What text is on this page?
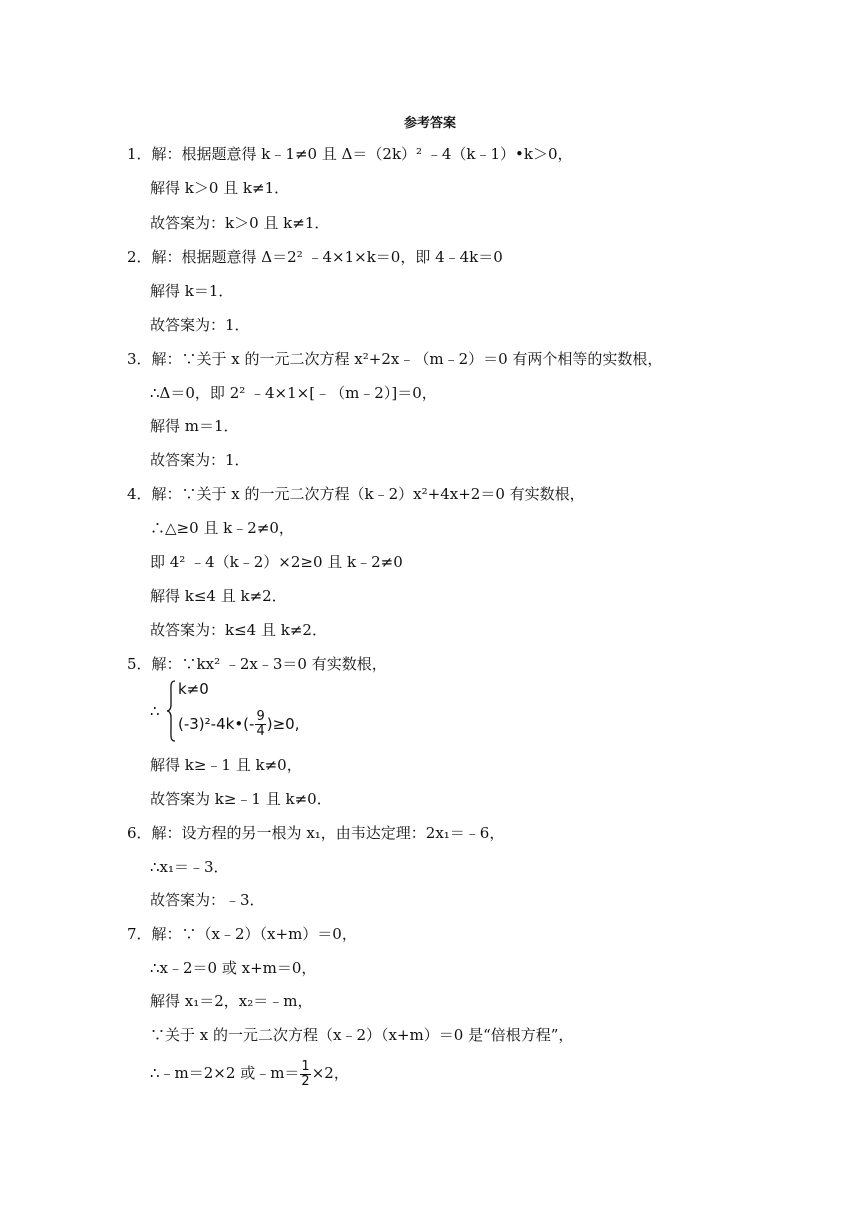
参考答案
1．解：根据题意得 k﹣1≠0 且 Δ＝（2k）² ﹣4（k﹣1）•k＞0，
解得 k＞0 且 k≠1．
故答案为：k＞0 且 k≠1．
2．解：根据题意得 Δ＝2² ﹣4×1×k＝0，即 4﹣4k＝0
解得 k＝1．
故答案为：1．
3．解：∵关于 x 的一元二次方程 x²+2x﹣（m﹣2）＝0 有两个相等的实数根，
∴Δ＝0，即 2² ﹣4×1×[﹣（m﹣2）]＝0，
解得 m＝1．
故答案为：1．
4．解：∵关于 x 的一元二次方程（k﹣2）x²+4x+2＝0 有实数根，
∴△≥0 且 k﹣2≠0，
即 4² ﹣4（k﹣2）×2≥0 且 k﹣2≠0
解得 k≤4 且 k≠2．
故答案为：k≤4 且 k≠2．
5．解：∵kx² ﹣2x﹣3＝0 有实数根，
∴
k≠0
(-3)²-4k•(- $\frac{9}{4} )\ge 0$,
解得 k≥﹣1 且 k≠0，
故答案为 k≥﹣1 且 k≠0．
6．解：设方程的另一根为 x₁，由韦达定理：2x₁＝﹣6，
∴x₁＝﹣3．
故答案为：﹣3．
7．解：∵（x﹣2）（x+m）＝0，
∴x﹣2＝0 或 x+m＝0，
解得 x₁＝2，x₂＝﹣m，
∵关于 x 的一元二次方程（x﹣2）（x+m）＝0 是“倍根方程”，
∴﹣m＝2×2 或﹣m＝ $\frac{1}{2} \times 2$，
